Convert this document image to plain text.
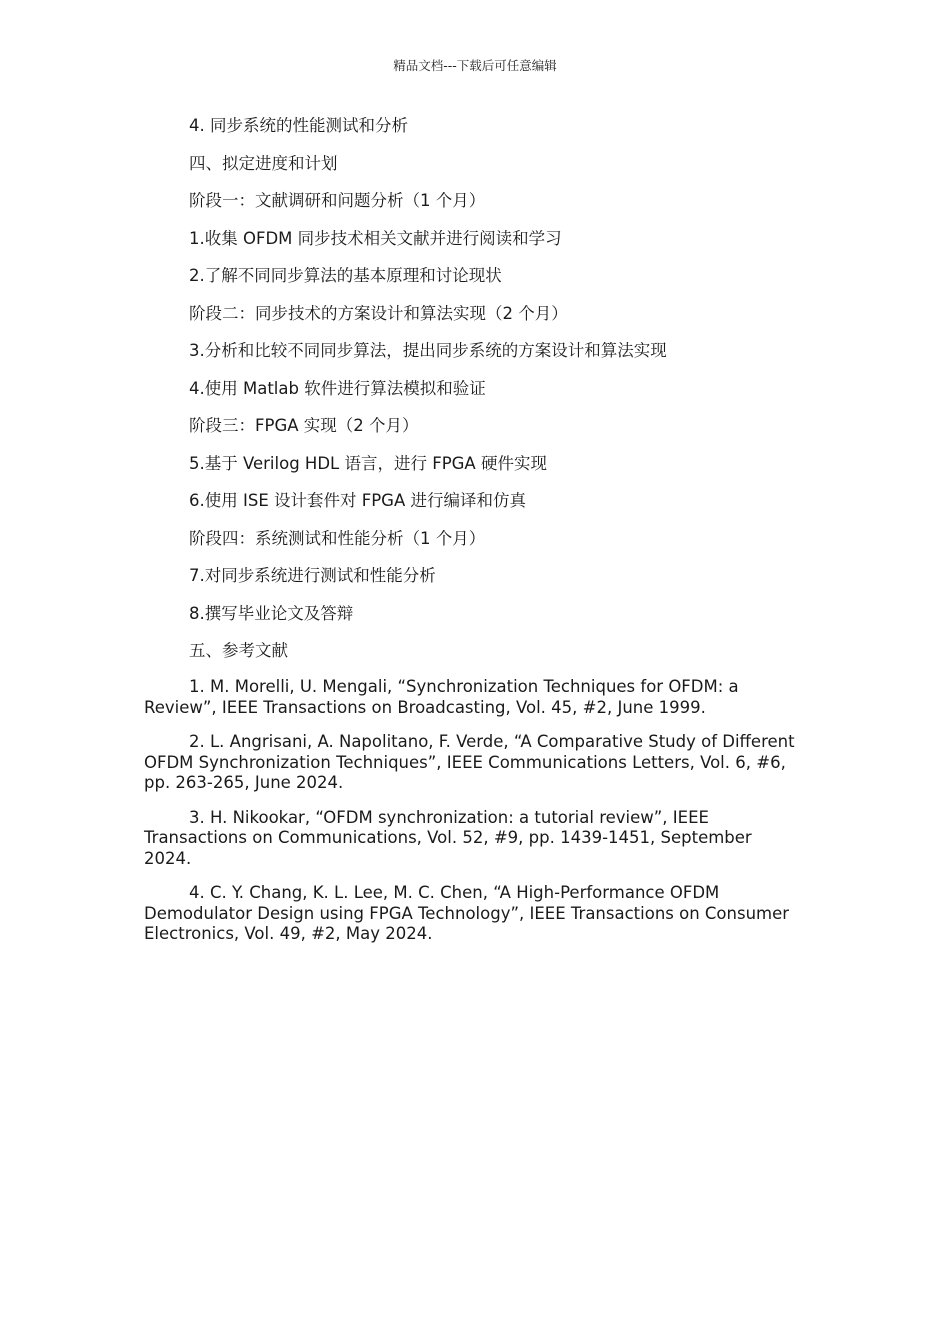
精品文档---下载后可任意编辑
4. 同步系统的性能测试和分析
四、拟定进度和计划
阶段一：文献调研和问题分析（1 个月）
1.收集 OFDM 同步技术相关文献并进行阅读和学习
2.了解不同同步算法的基本原理和讨论现状
阶段二：同步技术的方案设计和算法实现（2 个月）
3.分析和比较不同同步算法，提出同步系统的方案设计和算法实现
4.使用 Matlab 软件进行算法模拟和验证
阶段三：FPGA 实现（2 个月）
5.基于 Verilog HDL 语言，进行 FPGA 硬件实现
6.使用 ISE 设计套件对 FPGA 进行编译和仿真
阶段四：系统测试和性能分析（1 个月）
7.对同步系统进行测试和性能分析
8.撰写毕业论文及答辩
五、参考文献

1. M. Morelli, U. Mengali, “Synchronization Techniques for OFDM: a Review”, IEEE Transactions on Broadcasting, Vol. 45, #2, June 1999.

2. L. Angrisani, A. Napolitano, F. Verde, “A Comparative Study of Different OFDM Synchronization Techniques”, IEEE Communications Letters, Vol. 6, #6, pp. 263-265, June 2024.

3. H. Nikookar, “OFDM synchronization: a tutorial review”, IEEE Transactions on Communications, Vol. 52, #9, pp. 1439-1451, September 2024.

4. C. Y. Chang, K. L. Lee, M. C. Chen, “A High-Performance OFDM Demodulator Design using FPGA Technology”, IEEE Transactions on Consumer Electronics, Vol. 49, #2, May 2024.
